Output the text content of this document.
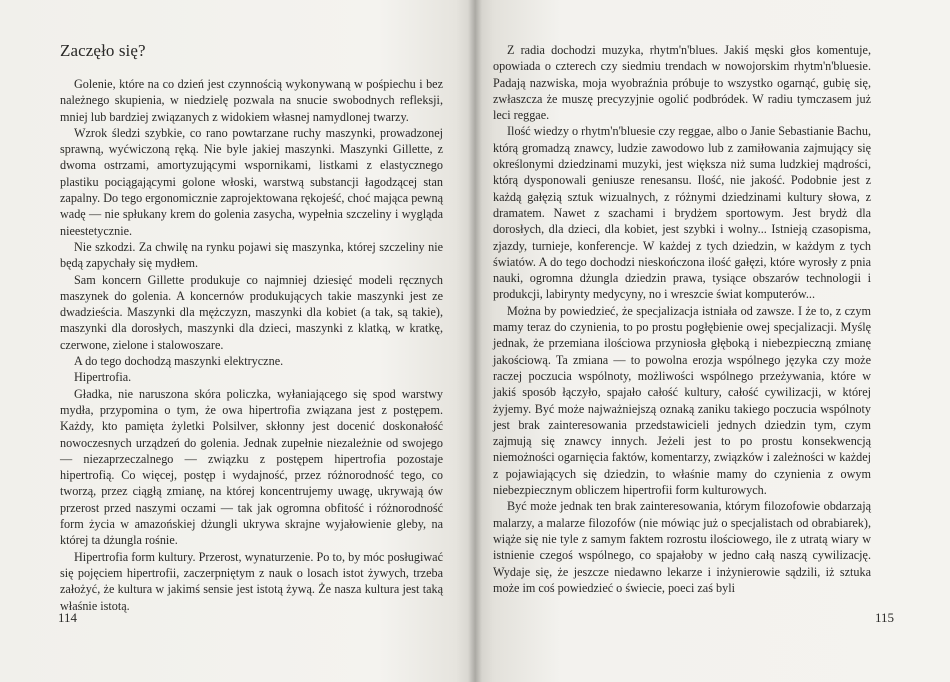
Zaczęło się?

Golenie, które na co dzień jest czynnością wykonywaną w pośpiechu i bez należnego skupienia, w niedzielę pozwala na snucie swobodnych refleksji, mniej lub bardziej związanych z widokiem własnej namydlonej twarzy.

Wzrok śledzi szybkie, co rano powtarzane ruchy maszynki, prowadzonej sprawną, wyćwiczoną ręką. Nie byle jakiej maszynki. Maszynki Gillette, z dwoma ostrzami, amortyzującymi wspornikami, listkami z elastycznego plastiku pociągającymi golone włoski, warstwą substancji łagodzącej stan zapalny. Do tego ergonomicznie zaprojektowana rękojeść, choć mająca pewną wadę — nie spłukany krem do golenia zasycha, wypełnia szczeliny i wygląda nieestetycznie.

Nie szkodzi. Za chwilę na rynku pojawi się maszynka, której szczeliny nie będą zapychały się mydłem.

Sam koncern Gillette produkuje co najmniej dziesięć modeli ręcznych maszynek do golenia. A koncernów produkujących takie maszynki jest ze dwadzieścia. Maszynki dla mężczyzn, maszynki dla kobiet (a tak, są takie), maszynki dla dorosłych, maszynki dla dzieci, maszynki z klatką, w kratkę, czerwone, zielone i stalowoszare.

A do tego dochodzą maszynki elektryczne.

Hipertrofia.

Gładka, nie naruszona skóra policzka, wyłaniającego się spod warstwy mydła, przypomina o tym, że owa hipertrofia związana jest z postępem. Każdy, kto pamięta żyletki Polsilver, skłonny jest docenić doskonałość nowoczesnych urządzeń do golenia. Jednak zupełnie niezależnie od swojego — niezaprzeczalnego — związku z postępem hipertrofia pozostaje hipertrofią. Co więcej, postęp i wydajność, przez różnorodność tego, co tworzą, przez ciągłą zmianę, na której koncentrujemy uwagę, ukrywają ów przerost przed naszymi oczami — tak jak ogromna obfitość i różnorodność form życia w amazońskiej dżungli ukrywa skrajne wyjałowienie gleby, na której ta dżungla rośnie.

Hipertrofia form kultury. Przerost, wynaturzenie. Po to, by móc posługiwać się pojęciem hipertrofii, zaczerpniętym z nauk o losach istot żywych, trzeba założyć, że kultura w jakimś sensie jest istotą żywą. Że nasza kultura jest taką właśnie istotą.

114

Z radia dochodzi muzyka, rhytm'n'blues. Jakiś męski głos komentuje, opowiada o czterech czy siedmiu trendach w nowojorskim rhytm'n'bluesie. Padają nazwiska, moja wyobraźnia próbuje to wszystko ogarnąć, gubię się, zwłaszcza że muszę precyzyjnie ogolić podbródek. W radiu tymczasem już leci reggae.

Ilość wiedzy o rhytm'n'bluesie czy reggae, albo o Janie Sebastianie Bachu, którą gromadzą znawcy, ludzie zawodowo lub z zamiłowania zajmujący się określonymi dziedzinami muzyki, jest większa niż suma ludzkiej mądrości, którą dysponowali geniusze renesansu. Ilość, nie jakość. Podobnie jest z każdą gałęzią sztuk wizualnych, z różnymi dziedzinami kultury słowa, z dramatem. Nawet z szachami i brydżem sportowym. Jest brydż dla dorosłych, dla dzieci, dla kobiet, jest szybki i wolny... Istnieją czasopisma, zjazdy, turnieje, konferencje. W każdej z tych dziedzin, w każdym z tych światów. A do tego dochodzi nieskończona ilość gałęzi, które wyrosły z pnia nauki, ogromna dżungla dziedzin prawa, tysiące obszarów technologii i produkcji, labirynty medycyny, no i wreszcie świat komputerów...

Można by powiedzieć, że specjalizacja istniała od zawsze. I że to, z czym mamy teraz do czynienia, to po prostu pogłębienie owej specjalizacji. Myślę jednak, że przemiana ilościowa przyniosła głęboką i niebezpieczną zmianę jakościową. Ta zmiana — to powolna erozja wspólnego języka czy może raczej poczucia wspólnoty, możliwości wspólnego przeżywania, które w jakiś sposób łączyło, spajało całość kultury, całość cywilizacji, w której żyjemy. Być może najważniejszą oznaką zaniku takiego poczucia wspólnoty jest brak zainteresowania przedstawicieli jednych dziedzin tym, czym zajmują się znawcy innych. Jeżeli jest to po prostu konsekwencją niemożności ogarnięcia faktów, komentarzy, związków i zależności w każdej z pojawiających się dziedzin, to właśnie mamy do czynienia z owym niebezpiecznym obliczem hipertrofii form kulturowych.

Być może jednak ten brak zainteresowania, którym filozofowie obdarzają malarzy, a malarze filozofów (nie mówiąc już o specjalistach od obrabiarek), wiąże się nie tyle z samym faktem rozrostu ilościowego, ile z utratą wiary w istnienie czegoś wspólnego, co spajałoby w jedno całą naszą cywilizację. Wydaje się, że jeszcze niedawno lekarze i inżynierowie sądzili, iż sztuka może im coś powiedzieć o świecie, poeci zaś byli

115
